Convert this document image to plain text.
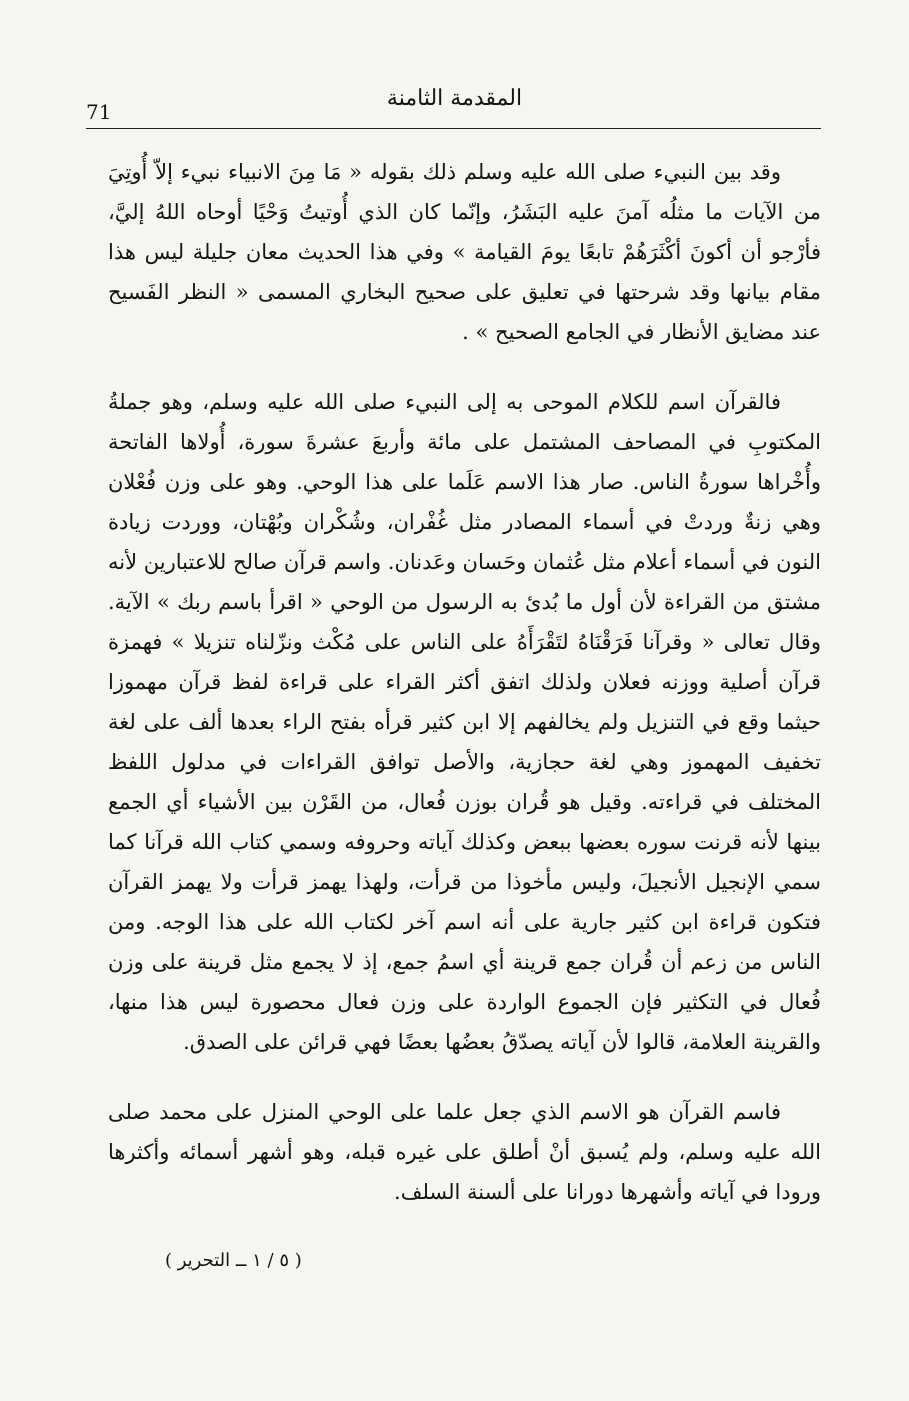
71
المقدمة الثامنة

وقد بين النبيء صلى الله عليه وسلم ذلك بقوله « مَا مِنَ الانبياء نبيء إلاّ أُوتِيَ من الآيات ما مثلُه آمنَ عليه البَشَرُ، وإنّما كان الذي أُوتيتُ وَحْيًا أوحاه اللهُ إليَّ، فأرْجو أن أكونَ أكْثَرَهُمْ تابعًا يومَ القيامة » وفي هذا الحديث معان جليلة ليس هذا مقام بيانها وقد شرحتها في تعليق على صحيح البخاري المسمى « النظر الفَسيح عند مضايق الأنظار في الجامع الصحيح » .

فالقرآن اسم للكلام الموحى به إلى النبيء صلى الله عليه وسلم، وهو جملةُ المكتوبِ في المصاحف المشتمل على مائة وأربعَ عشرةَ سورة، أُولاها الفاتحة وأُخْراها سورةُ الناس. صار هذا الاسم عَلَما على هذا الوحي. وهو على وزن فُعْلان وهي زنةٌ وردتْ في أسماء المصادر مثل غُفْران، وشُكْران وبُهْتان، ووردت زيادة النون في أسماء أعلام مثل عُثمان وحَسان وعَدنان. واسم قرآن صالح للاعتبارين لأنه مشتق من القراءة لأن أول ما بُدئ به الرسول من الوحي « اقرأ باسم ربك » الآية. وقال تعالى « وقرآنا فَرَقْنَاهُ لتَقْرَأَهُ على الناس على مُكْث ونزّلناه تنزيلا » فهمزة قرآن أصلية ووزنه فعلان ولذلك اتفق أكثر القراء على قراءة لفظ قرآن مهموزا حيثما وقع في التنزيل ولم يخالفهم إلا ابن كثير قرأه بفتح الراء بعدها ألف على لغة تخفيف المهموز وهي لغة حجازية، والأصل توافق القراءات في مدلول اللفظ المختلف في قراءته. وقيل هو قُران بوزن فُعال، من القَرْن بين الأشياء أي الجمع بينها لأنه قرنت سوره بعضها ببعض وكذلك آياته وحروفه وسمي كتاب الله قرآنا كما سمي الإنجيل الأنجيلَ، وليس مأخوذا من قرأت، ولهذا يهمز قرأت ولا يهمز القرآن فتكون قراءة ابن كثير جارية على أنه اسم آخر لكتاب الله على هذا الوجه. ومن الناس من زعم أن قُران جمع قرينة أي اسمُ جمع، إذ لا يجمع مثل قرينة على وزن فُعال في التكثير فإن الجموع الواردة على وزن فعال محصورة ليس هذا منها، والقرينة العلامة، قالوا لأن آياته يصدّقُ بعضُها بعضًا فهي قرائن على الصدق.

فاسم القرآن هو الاسم الذي جعل علما على الوحي المنزل على محمد صلى الله عليه وسلم، ولم يُسبق أنْ أطلق على غيره قبله، وهو أشهر أسمائه وأكثرها ورودا في آياته وأشهرها دورانا على ألسنة السلف.

( ٥ / ١ ــ التحرير )
